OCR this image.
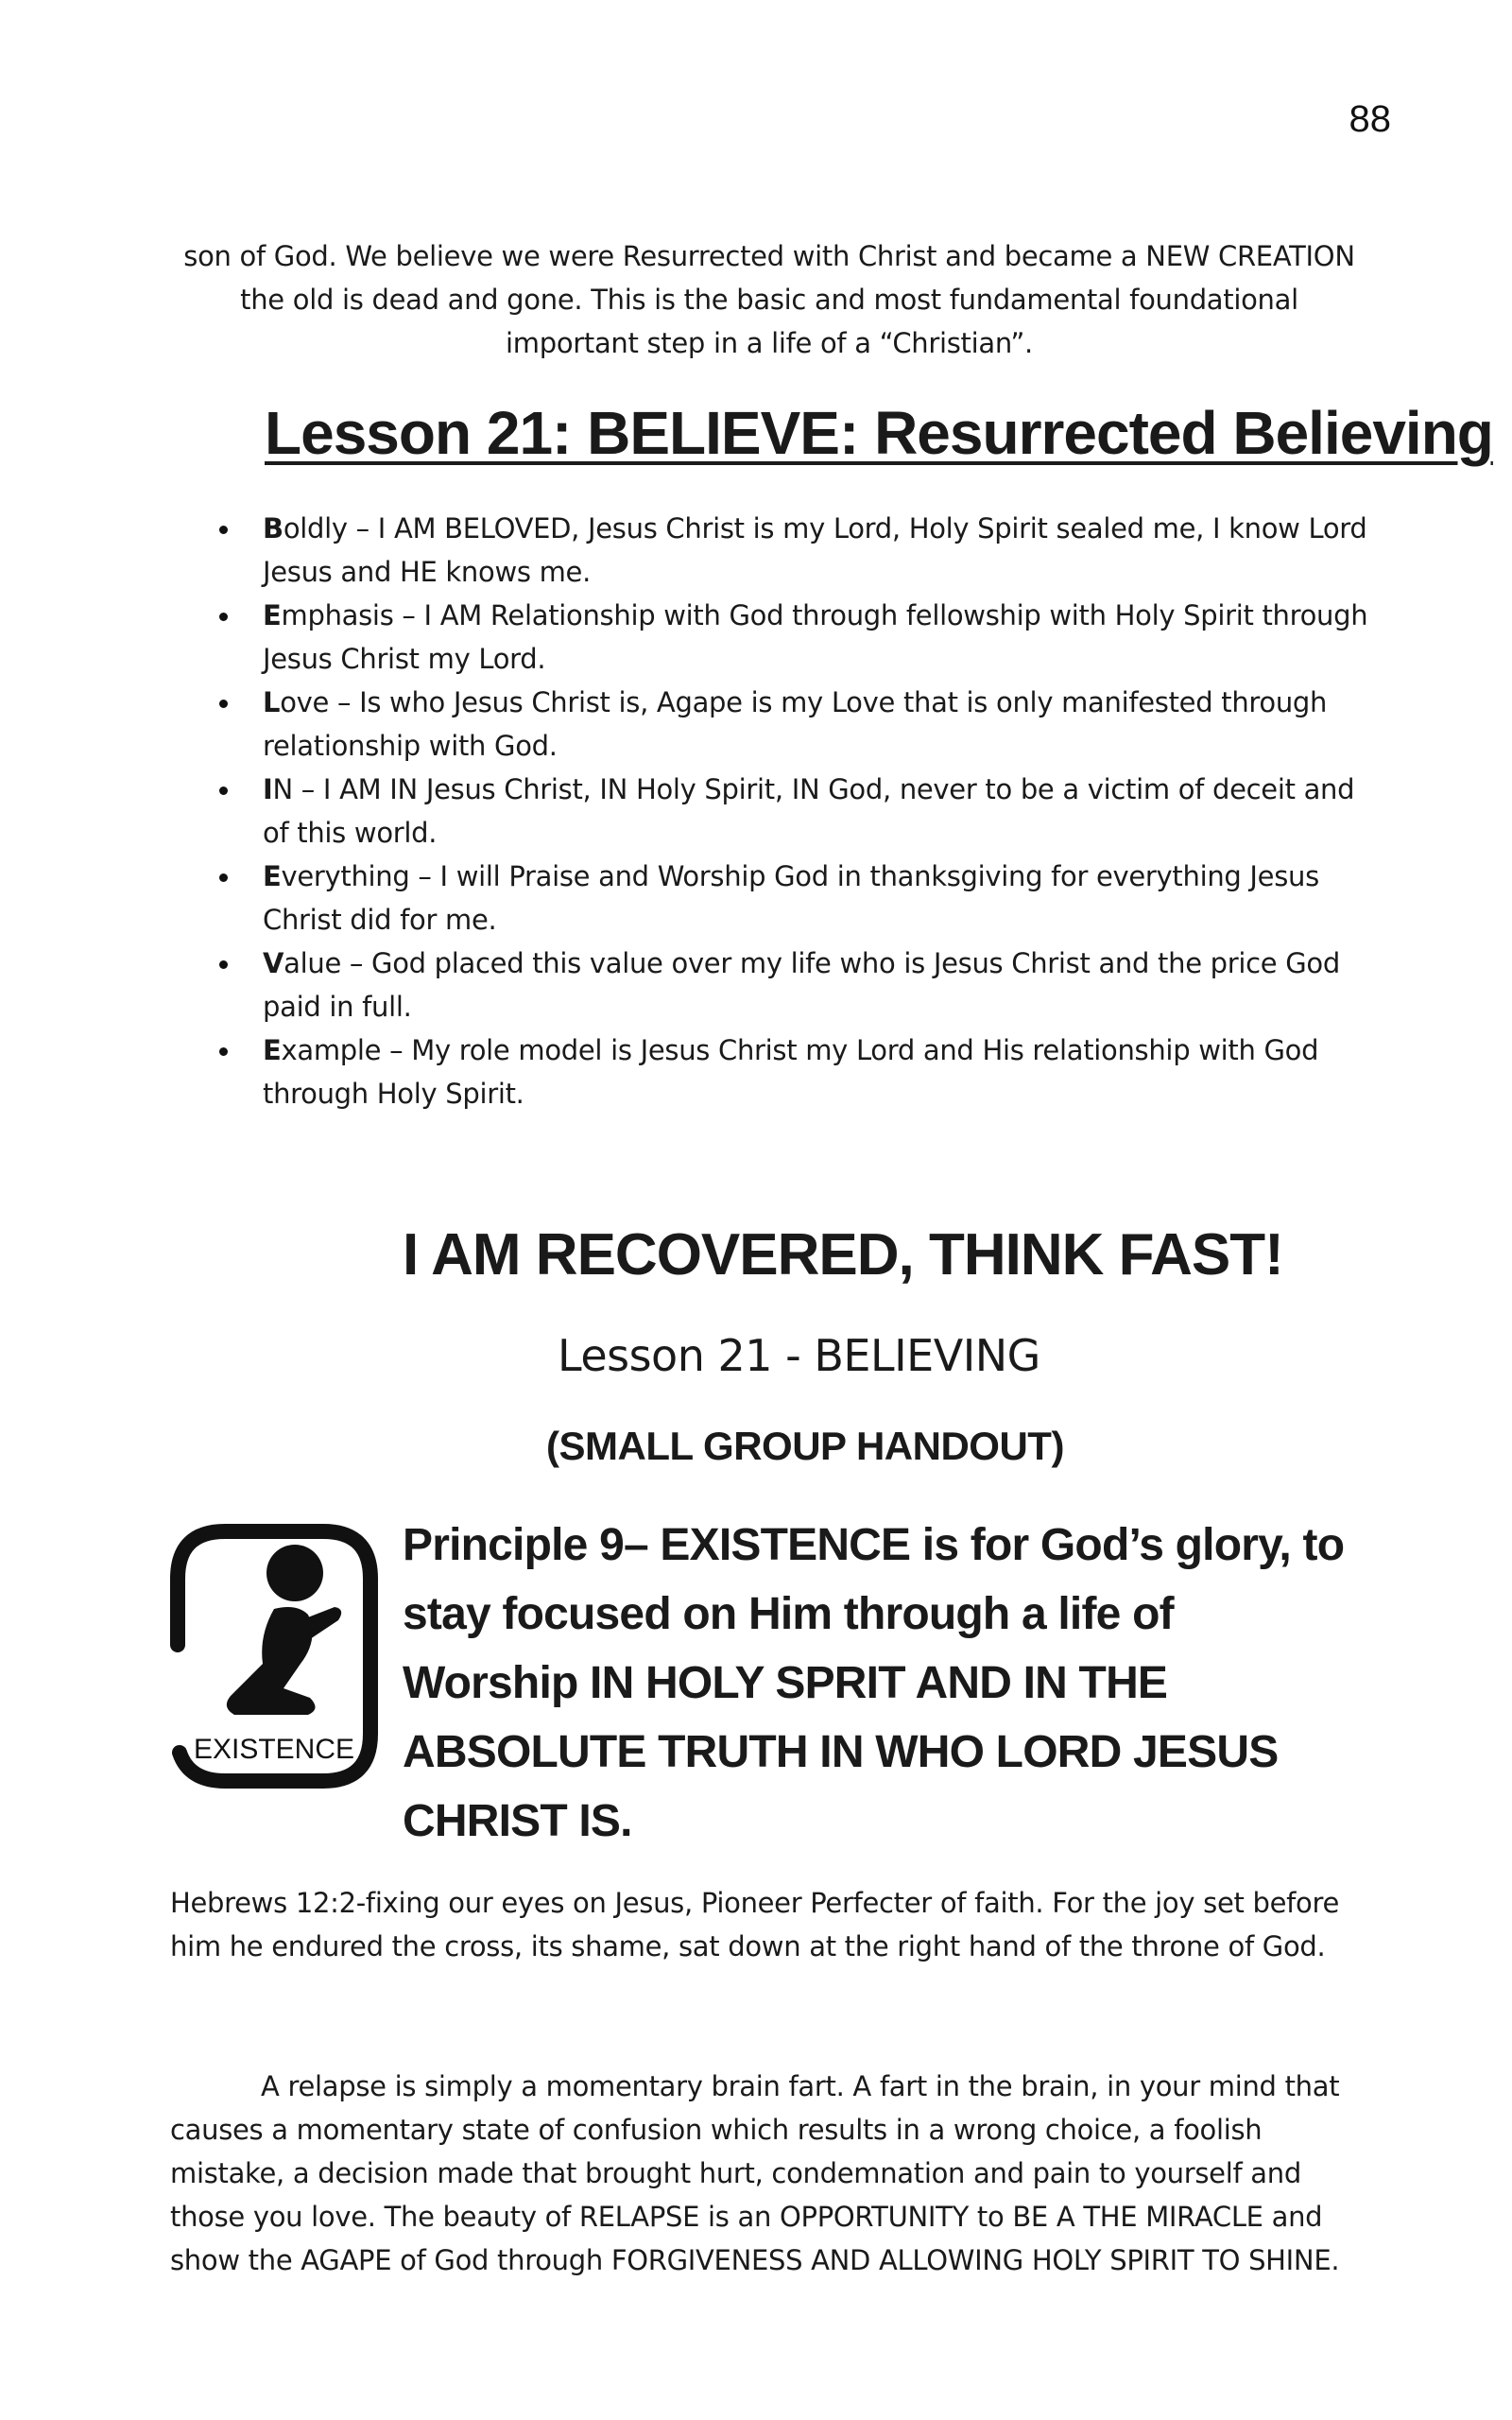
88

son of God. We believe we were Resurrected with Christ and became a NEW CREATION the old is dead and gone. This is the basic and most fundamental foundational important step in a life of a “Christian”.

Lesson 21: BELIEVE: Resurrected Believing
Boldly – I AM BELOVED, Jesus Christ is my Lord, Holy Spirit sealed me, I know Lord Jesus and HE knows me.
Emphasis – I AM Relationship with God through fellowship with Holy Spirit through Jesus Christ my Lord.
Love – Is who Jesus Christ is, Agape is my Love that is only manifested through relationship with God.
IN – I AM IN Jesus Christ, IN Holy Spirit, IN God, never to be a victim of deceit and of this world.
Everything – I will Praise and Worship God in thanksgiving for everything Jesus Christ did for me.
Value – God placed this value over my life who is Jesus Christ and the price God paid in full.
Example – My role model is Jesus Christ my Lord and His relationship with God through Holy Spirit.
I AM RECOVERED, THINK FAST!
Lesson 21 - BELIEVING
(SMALL GROUP HANDOUT)
EXISTENCE

Principle 9– EXISTENCE is for God’s glory, to stay focused on Him through a life of Worship IN HOLY SPRIT AND IN THE ABSOLUTE TRUTH IN WHO LORD JESUS CHRIST IS.

Hebrews 12:2-fixing our eyes on Jesus, Pioneer Perfecter of faith. For the joy set before him he endured the cross, its shame, sat down at the right hand of the throne of God.

A relapse is simply a momentary brain fart. A fart in the brain, in your mind that causes a momentary state of confusion which results in a wrong choice, a foolish mistake, a decision made that brought hurt, condemnation and pain to yourself and those you love. The beauty of RELAPSE is an OPPORTUNITY to BE A THE MIRACLE and show the AGAPE of God through FORGIVENESS AND ALLOWING HOLY SPIRIT TO SHINE.
